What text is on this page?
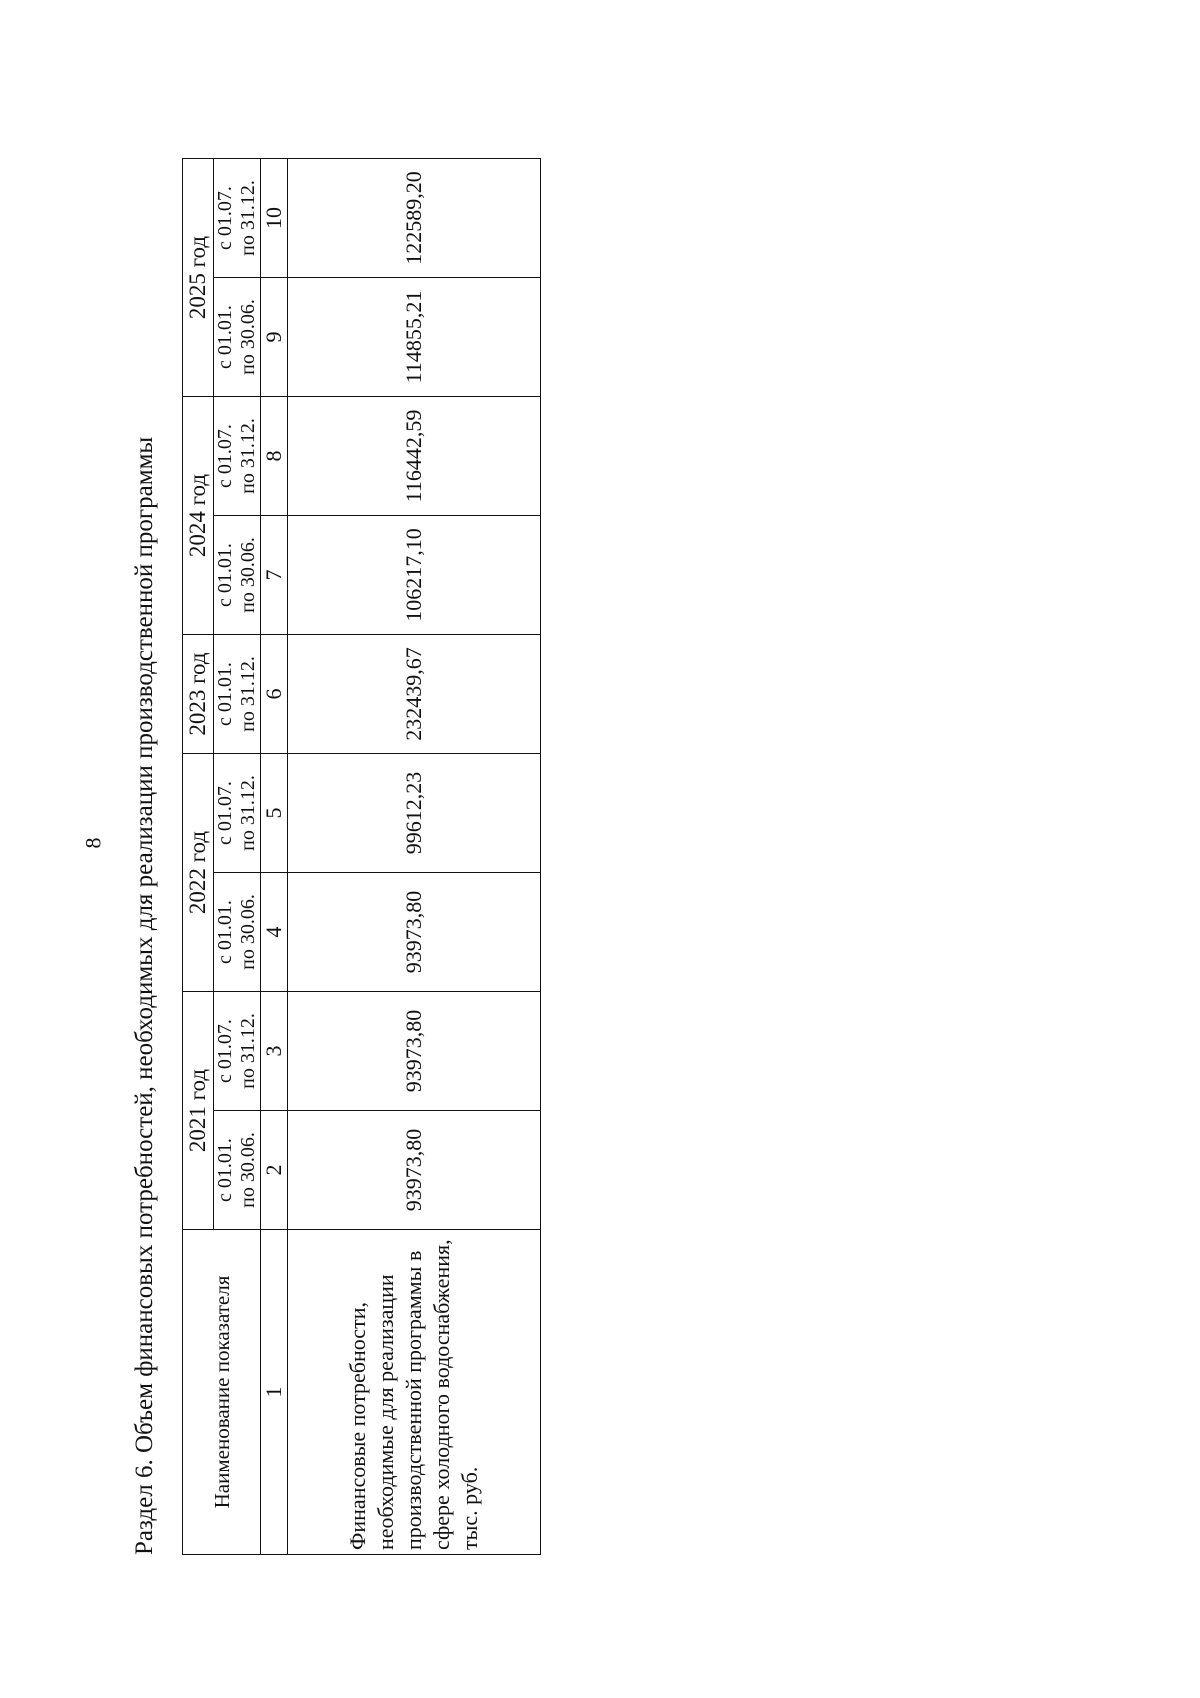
8 Раздел 6. Объем финансовых потребностей, необходимых для реализации производственной программы Наименование показателя	2021 год		2022 год		2023 год	2024 год		2025 год	

	с 01.01. по 30.06.	с 01.07. по 31.12.	с 01.01. по 30.06.	с 01.07. по 31.12.	с 01.01. по 31.12.	с 01.01. по 30.06.	с 01.07. по 31.12.	с 01.01. по 30.06.	с 01.07. по 31.12.

1	2	3	4	5	6	7	8	9	10
Финансовые потребности, необходимые для реализации производственной программы в сфере холодного водоснабжения, тыс. руб.	93973,80	93973,80	93973,80	99612,23	232439,67	106217,10	116442,59	114855,21	122589,20
